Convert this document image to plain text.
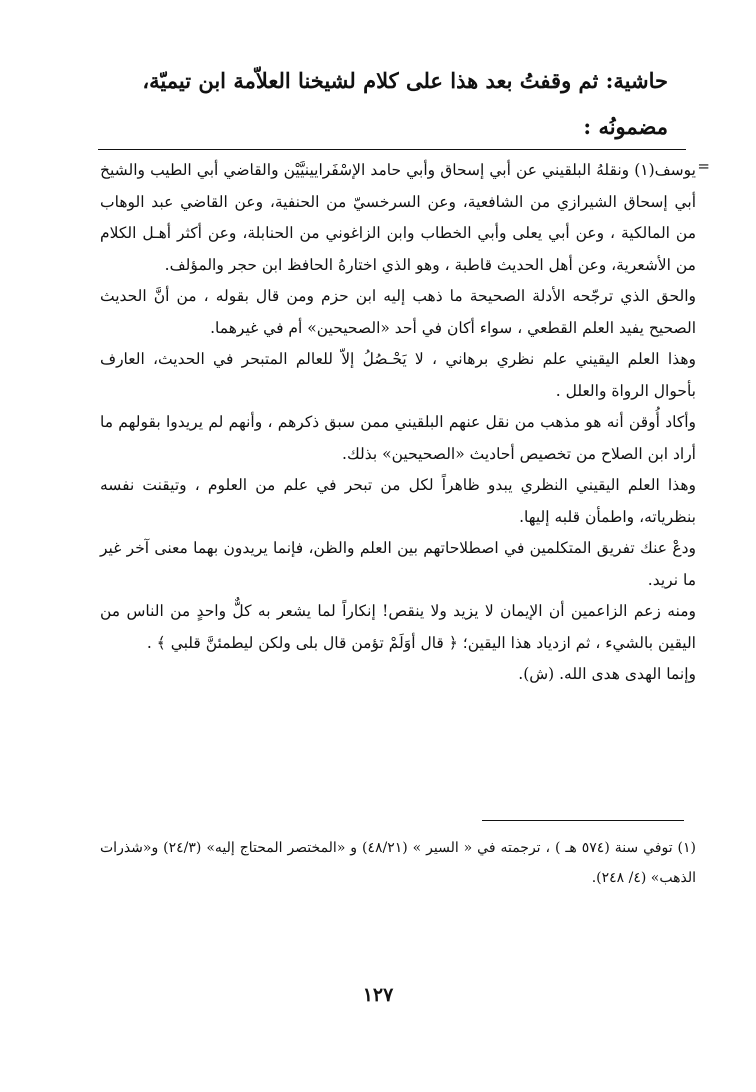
حاشية: ثم وقفتُ بعد هذا على كلام لشيخنا العلاّمة ابن تيميّة، مضمونُه :
=

يوسف(١) ونقلهُ البلقيني عن أبي إسحاق وأبي حامد الإسْفَرايينيَّيْن والقاضي أبي الطيب والشيخ أبي إسحاق الشيرازي من الشافعية، وعن السرخسيّ من الحنفية، وعن القاضي عبد الوهاب من المالكية ، وعن أبي يعلى وأبي الخطاب وابن الزاغوني من الحنابلة، وعن أكثر أهـل الكلام من الأشعرية، وعن أهل الحديث قاطبة ، وهو الذي اختارهُ الحافظ ابن حجر والمؤلف.

والحق الذي ترجّحه الأدلة الصحيحة ما ذهب إليه ابن حزم ومن قال بقوله ، من أنَّ الحديث الصحيح يفيد العلم القطعي ، سواء أكان في أحد «الصحيحين» أم في غيرهما.

وهذا العلم اليقيني علم نظري برهاني ، لا يَحْـصُلُ إلاّ للعالم المتبحر في الحديث، العارف بأحوال الرواة والعلل .

وأكاد أُوقن أنه هو مذهب من نقل عنهم البلقيني ممن سبق ذكرهم ، وأنهم لم يريدوا بقولهم ما أراد ابن الصلاح من تخصيص أحاديث «الصحيحين» بذلك.

وهذا العلم اليقيني النظري يبدو ظاهراً لكل من تبحر في علم من العلوم ، وتيقنت نفسه بنظرياته، واطمأن قلبه إليها.

ودعْ عنك تفريق المتكلمين في اصطلاحاتهم بين العلم والظن، فإنما يريدون بهما معنى آخر غير ما نريد.

ومنه زعم الزاعمين أن الإيمان لا يزيد ولا ينقص! إنكاراً لما يشعر به كلٌّ واحدٍ من الناس من اليقين بالشيء ، ثم ازدياد هذا اليقين؛ ﴿ قال أوَلَمْ تؤمن قال بلى ولكن ليطمئنَّ قلبي ﴾ .

وإنما الهدى هدى الله. (ش).

(١) توفي سنة (٥٧٤ هـ ) ، ترجمته في « السير » (٤٨/٢١) و «المختصر المحتاج إليه» (٢٤/٣) و«شذرات الذهب» (٤/ ٢٤٨).

١٢٧
